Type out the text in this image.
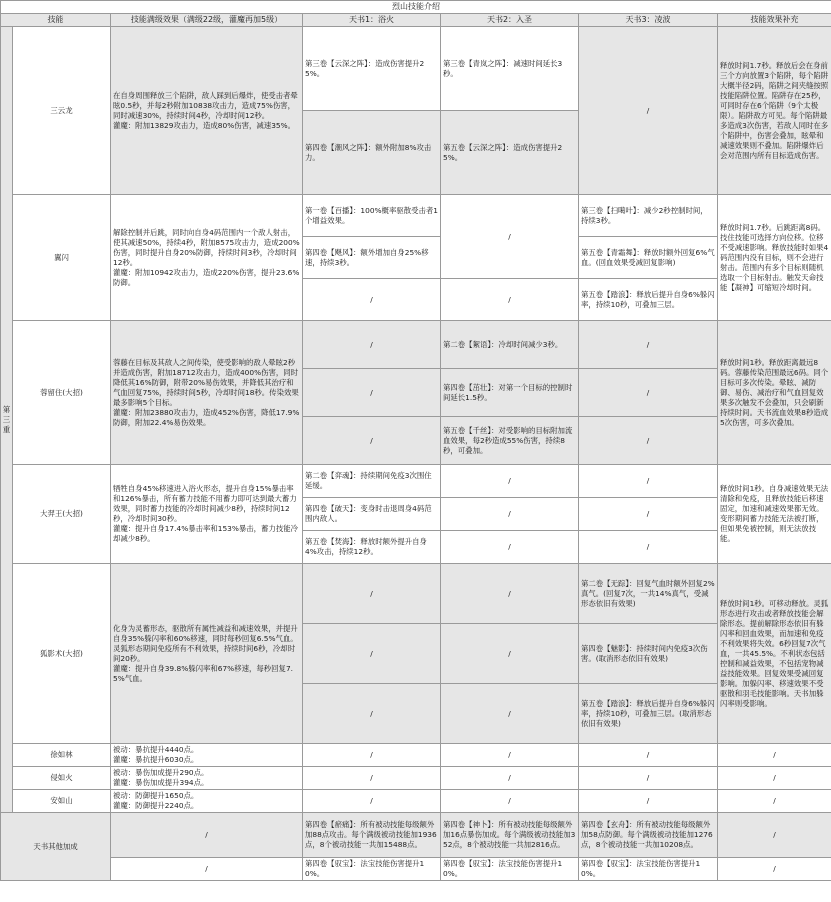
烈山技能介绍						
技能		技能满级效果（满级22级，灌魔再加5级）	天书1：浴火	天书2：入圣	天书3：凌波	技能效果补充
第三重	三云龙	在自身周围释放三个陷阱，敌人踩到后爆炸，使受击者晕眩0.5秒，并每2秒附加10838攻击力，造成75%伤害，同时减速30%，持续时间4秒，冷却时间12秒。
灌魔：附加13829攻击力，造成80%伤害，减速35%。	第三卷【云深之阵】：造成伤害提升25%。	第三卷【青岚之阵】：减速时间延长3秒。	/	释放时间1.7秒。释放后会在身前三个方向放置3个陷阱，每个陷阱大概半径2码，陷阱之间夹缝按照技能陷阱位置。陷阱存在25秒，可同时存在6个陷阱（9个太极限）。陷阱敌方可见。每个陷阱最多造成3次伤害，若敌人同时在多个陷阱中，伤害会叠加，眩晕和减速效果则不叠加。陷阱爆炸后会对范围内所有目标造成伤害。
			第四卷【潮风之阵】：额外附加8%攻击力。	第五卷【云深之阵】：造成伤害提升25%。		
	翼闪	解除控制并后跳，同时向自身4码范围内一个敌人射击，使其减速50%，持续4秒，附加8575攻击力，造成200%伤害，同时提升自身20%防御，持续时间3秒，冷却时间12秒。
灌魔：附加10942攻击力，造成220%伤害，提升23.6%防御。	第一卷【百播】：100%概率驱散受击者1个增益效果。	/	第三卷【扫噶叶】：减少2秒控制时间，持续3秒。	释放时间1.7秒。后跳距离8码。技住技能可选择方向位移。位移不受减速影响。释放技能时如果4码范围内没有目标，则不会进行射击。范围内有多个目标则随机选取一个目标射击。触发天命技能【凝神】可缩短冷却时间。
			第四卷【飓风】：额外增加自身25%移速，持续3秒。		第五卷【青霜舞】：释放时额外回复6%气血。(回血效果受减回复影响)	
			/	/	第五卷【踏浪】：释放后提升自身6%躲闪率，持续10秒，可叠加三层。	
	蓉留住(大招)	蓉藤在目标及其敌人之间传染，使受影响的敌人晕眩2秒并造成伤害，附加18712攻击力，造成400%伤害，同时降低其16%防御，附带20%易伤效果，并降低其治疗和气血回复75%，持续时间5秒，冷却时间18秒。传染效果最多影响5个目标。
灌魔：附加23880攻击力，造成452%伤害，降低17.9%防御，附加22.4%易伤效果。	/	第二卷【絮语】：冷却时间减少3秒。	/	释放时间1秒。释放距离最远8码。蓉藤传染范围最远6码。同个目标可多次传染。晕眩、减防御、易伤、减治疗和气血回复效果多次触发不会叠加，只会刷新持续时间。天书流血效果8秒造成5次伤害，可多次叠加。
			/	第四卷【茁壮】：对第一个目标的控制时间延长1.5秒。	/	
			/	第五卷【千丝】：对受影响的目标附加流血效果，每2秒造成55%伤害，持续8秒，可叠加。	/	
	大羿王(大招)	牺牲自身45%移速进入浴火形态，提升自身15%暴击率和126%暴击，所有蓄力技能不用蓄力即可达到最大蓄力效果，同时蓄力技能的冷却时间减少8秒，持续时间12秒，冷却时间30秒。
灌魔：提升自身17.4%暴击率和153%暴击，蓄力技能冷却减少8秒。	第二卷【弈魂】：持续期间免疫3次围住延缓。	/	/	释放时间1秒。自身减速效果无法清除和免疫，且释放技能后移速固定，加速和减速效果都无效。变形期间蓄力技能无法被打断，但如果免被控制，则无法放技能。
			第四卷【破天】：变身时击退周身4码范围内敌人。	/	/	
			第五卷【焚海】：释放时额外提升自身4%攻击，持续12秒。	/	/	
	狐影术(大招)	化身为灵蓄形态，驱散所有属性减益和减速效果，并提升自身35%躲闪率和60%移速，同时每秒回复6.5%气血。灵狐形态期间免疫所有不利效果，持续时间6秒，冷却时间20秒。
灌魔：提升自身39.8%躲闪率和67%移速，每秒回复7.5%气血。	/	/	第二卷【无踪】：回复气血时额外回复2%真气。(回复7次，一共14%真气，受减形态依旧有效果)	释放时间1秒。可移动释放。灵狐形态进行攻击或者释放技能会解除形态。提前解除形态依旧有躲闪率和回血效果，而加速和免疫不利效果将失效。6秒回复7次气血，一共45.5%。不利状态包括控制和减益效果，不包括宠物减益技能效果。回复效果受减回复影响。加躲闪率、移速效果不受驱散和羽毛技能影响。天书加躲闪率则受影响。
			/	/	第四卷【魅影】：持续时间内免疫3次伤害。(取消形态依旧有效果)	
			/	/	第五卷【踏浪】：释放后提升自身6%躲闪率，持续10秒，可叠加三层。(取消形态依旧有效果)	
	徐如林	被动：暴抗提升4440点。
灌魔：暴抗提升6030点。	/	/	/	/
	侵如火	被动：暴伤加成提升290点。
灌魔：暴伤加成提升394点。	/	/	/	/
	安如山	被动：防御提升1650点。
灌魔：防御提升2240点。	/	/	/	/
天书其他加成		/	第四卷【瘀痛】：所有被动技能每级额外加88点攻击。每个满级被动技能加1936点，8个被动技能一共加15488点。	第四卷【神卜】：所有被动技能每级额外加16点暴伤加成。每个满级被动技能加352点，8个被动技能一共加2816点。	第四卷【玄舟】：所有被动技能每级额外加58点防御。每个满级被动技能加1276点，8个被动技能一共加10208点。	/
		/	第四卷【驭宝】：法宝技能伤害提升10%。	第四卷【驭宝】：法宝技能伤害提升10%。	第四卷【驭宝】：法宝技能伤害提升10%。	/
